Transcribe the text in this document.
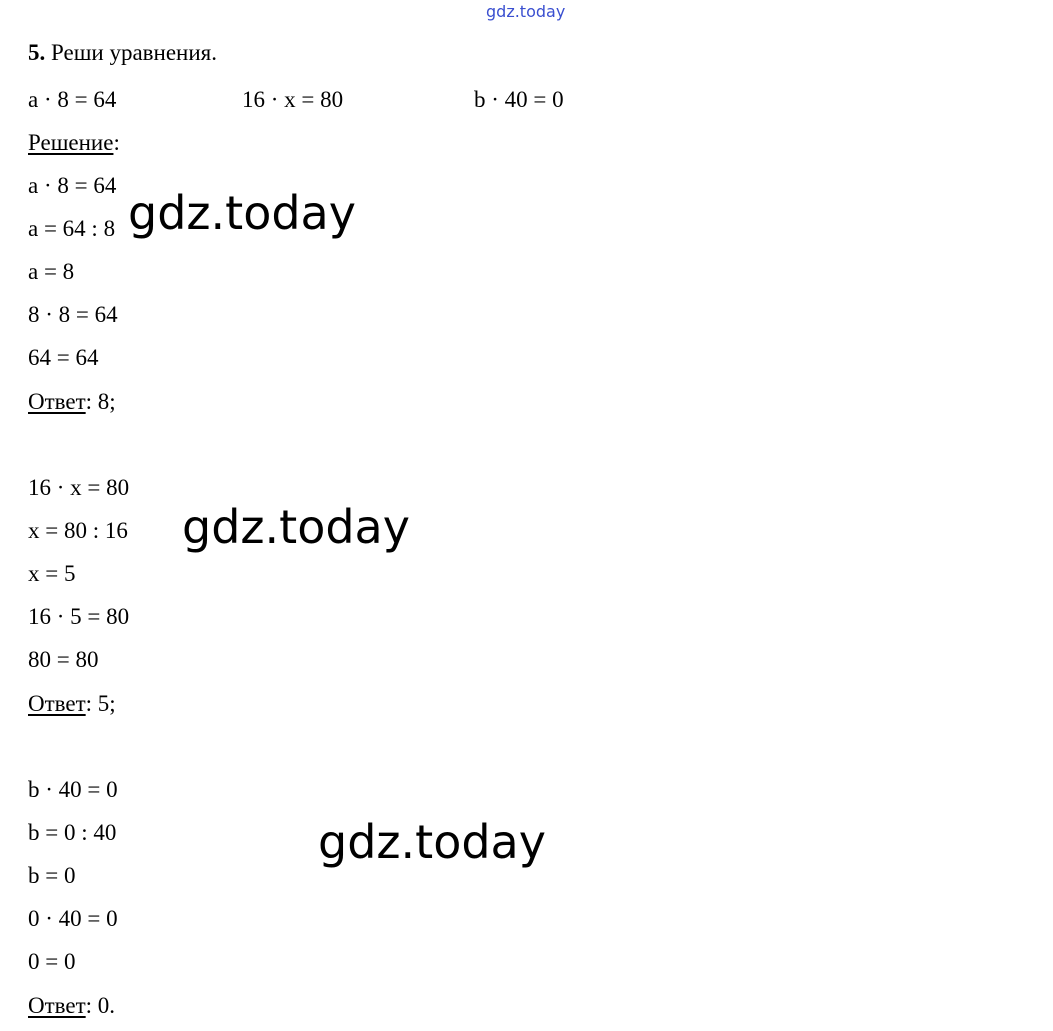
gdz.today
5. Реши уравнения.
a · 8 = 64	16 · x = 80	b · 40 = 0
Решение:
a · 8 = 64
a = 64 : 8
a = 8
8 · 8 = 64
64 = 64
Ответ: 8;
16 · x = 80
x = 80 : 16
x = 5
16 · 5 = 80
80 = 80
Ответ: 5;
b · 40 = 0
b = 0 : 40
b = 0
0 · 40 = 0
0 = 0
Ответ: 0.
gdz.today
gdz.today
gdz.today
